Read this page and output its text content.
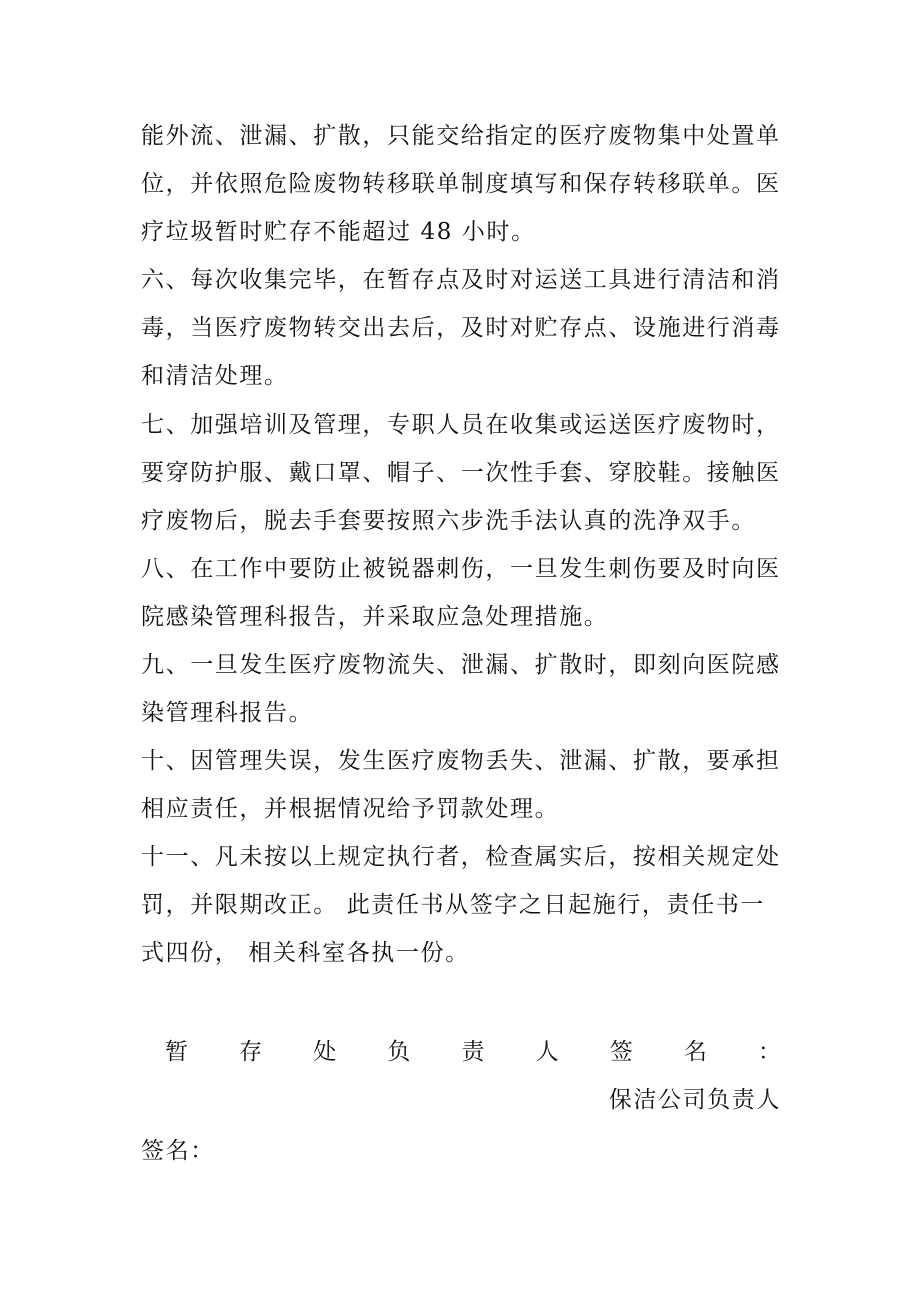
能外流、泄漏、扩散，只能交给指定的医疗废物集中处置单
位，并依照危险废物转移联单制度填写和保存转移联单。医
疗垃圾暂时贮存不能超过 48 小时。
六、每次收集完毕，在暂存点及时对运送工具进行清洁和消
毒，当医疗废物转交出去后，及时对贮存点、设施进行消毒
和清洁处理。
七、加强培训及管理，专职人员在收集或运送医疗废物时，
要穿防护服、戴口罩、帽子、一次性手套、穿胶鞋。接触医
疗废物后，脱去手套要按照六步洗手法认真的洗净双手。
八、在工作中要防止被锐器刺伤，一旦发生刺伤要及时向医
院感染管理科报告，并采取应急处理措施。
九、一旦发生医疗废物流失、泄漏、扩散时，即刻向医院感
染管理科报告。
十、因管理失误，发生医疗废物丢失、泄漏、扩散，要承担
相应责任，并根据情况给予罚款处理。
十一、凡未按以上规定执行者，检查属实后，按相关规定处
罚，并限期改正。 此责任书从签字之日起施行，责任书一
式四份， 相关科室各执一份。
暂 存 处 负 责 人 签 名 ：
保洁公司负责人
签名：
